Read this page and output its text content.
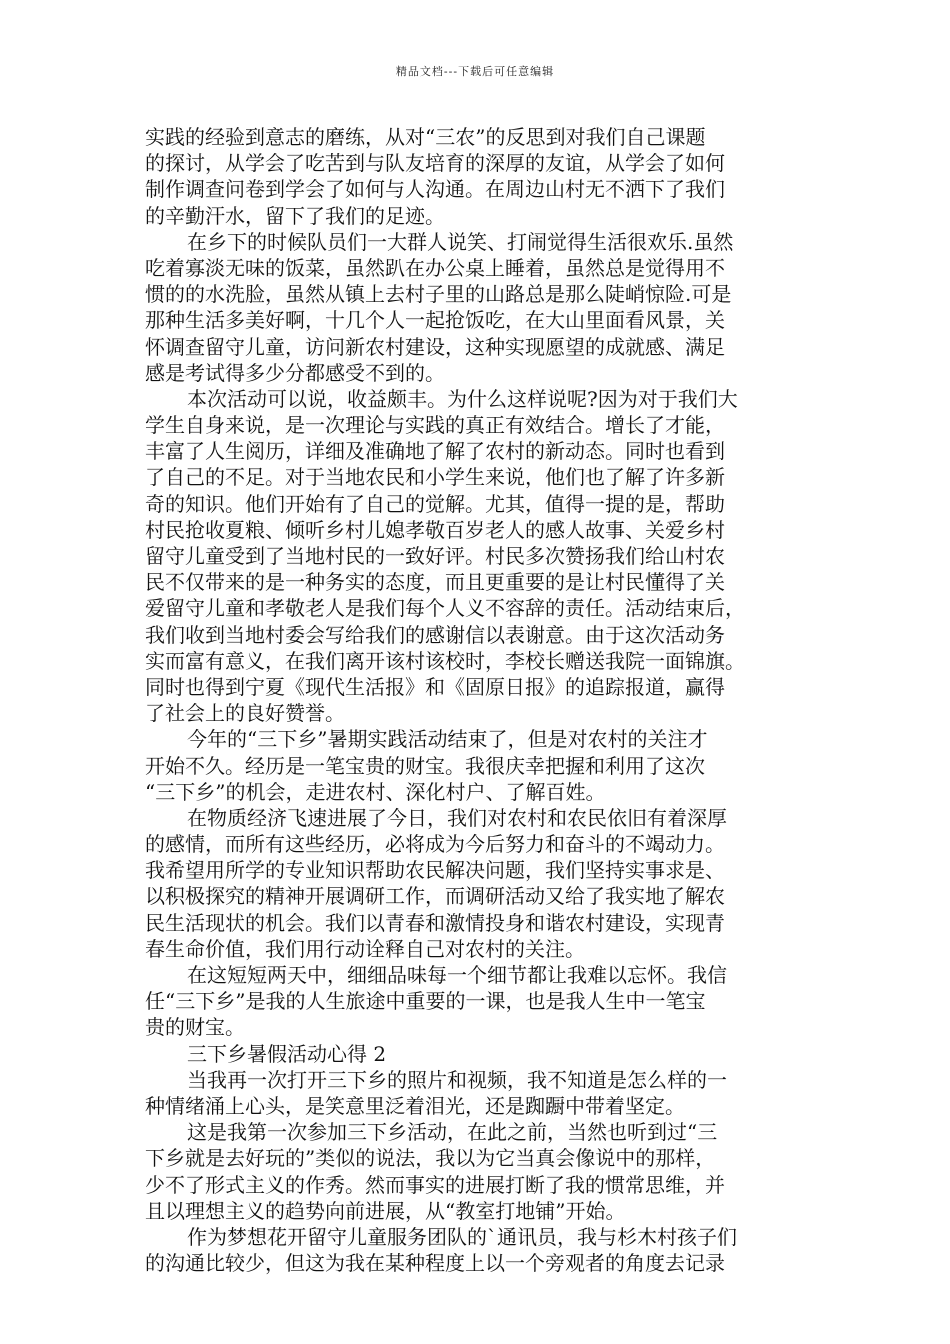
精品文档---下载后可任意编辑
实践的经验到意志的磨练，从对“三农”的反思到对我们自己课题
的探讨，从学会了吃苦到与队友培育的深厚的友谊，从学会了如何
制作调查问卷到学会了如何与人沟通。在周边山村无不洒下了我们
的辛勤汗水，留下了我们的足迹。
在乡下的时候队员们一大群人说笑、打闹觉得生活很欢乐.虽然
吃着寡淡无味的饭菜，虽然趴在办公桌上睡着，虽然总是觉得用不
惯的的水洗脸，虽然从镇上去村子里的山路总是那么陡峭惊险.可是
那种生活多美好啊，十几个人一起抢饭吃，在大山里面看风景，关
怀调查留守儿童，访问新农村建设，这种实现愿望的成就感、满足
感是考试得多少分都感受不到的。
本次活动可以说，收益颇丰。为什么这样说呢?因为对于我们大
学生自身来说，是一次理论与实践的真正有效结合。增长了才能，
丰富了人生阅历，详细及准确地了解了农村的新动态。同时也看到
了自己的不足。对于当地农民和小学生来说，他们也了解了许多新
奇的知识。他们开始有了自己的觉解。尤其，值得一提的是，帮助
村民抢收夏粮、倾听乡村儿媳孝敬百岁老人的感人故事、关爱乡村
留守儿童受到了当地村民的一致好评。村民多次赞扬我们给山村农
民不仅带来的是一种务实的态度，而且更重要的是让村民懂得了关
爱留守儿童和孝敬老人是我们每个人义不容辞的责任。活动结束后，
我们收到当地村委会写给我们的感谢信以表谢意。由于这次活动务
实而富有意义，在我们离开该村该校时，李校长赠送我院一面锦旗。
同时也得到宁夏《现代生活报》和《固原日报》的追踪报道，赢得
了社会上的良好赞誉。
今年的“三下乡”暑期实践活动结束了，但是对农村的关注才
开始不久。经历是一笔宝贵的财宝。我很庆幸把握和利用了这次
“三下乡”的机会，走进农村、深化村户、了解百姓。
在物质经济飞速进展了今日，我们对农村和农民依旧有着深厚
的感情，而所有这些经历，必将成为今后努力和奋斗的不竭动力。
我希望用所学的专业知识帮助农民解决问题，我们坚持实事求是、
以积极探究的精神开展调研工作，而调研活动又给了我实地了解农
民生活现状的机会。我们以青春和激情投身和谐农村建设，实现青
春生命价值，我们用行动诠释自己对农村的关注。
在这短短两天中，细细品味每一个细节都让我难以忘怀。我信
任“三下乡”是我的人生旅途中重要的一课，也是我人生中一笔宝
贵的财宝。
三下乡暑假活动心得 2
当我再一次打开三下乡的照片和视频，我不知道是怎么样的一
种情绪涌上心头，是笑意里泛着泪光，还是踟蹰中带着坚定。
这是我第一次参加三下乡活动，在此之前，当然也听到过“三
下乡就是去好玩的”类似的说法，我以为它当真会像说中的那样，
少不了形式主义的作秀。然而事实的进展打断了我的惯常思维，并
且以理想主义的趋势向前进展，从“教室打地铺”开始。
作为梦想花开留守儿童服务团队的`通讯员，我与杉木村孩子们
的沟通比较少，但这为我在某种程度上以一个旁观者的角度去记录
